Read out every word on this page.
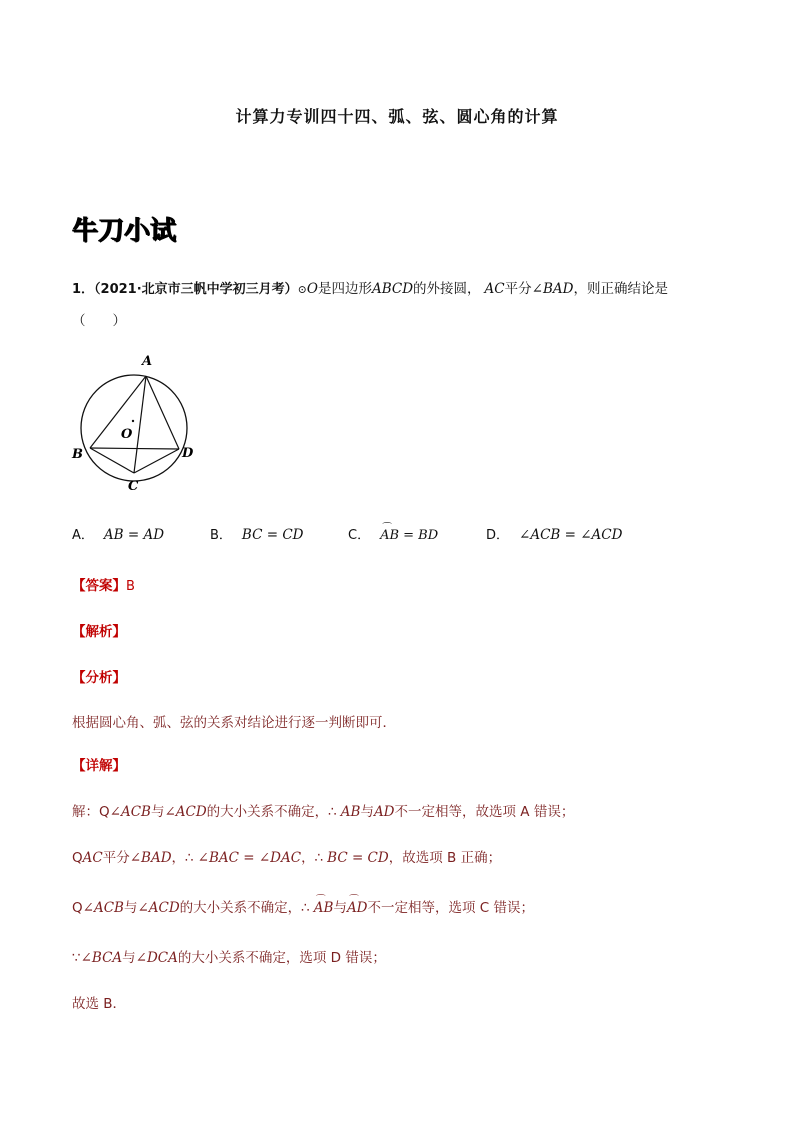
计算力专训四十四、弧、弦、圆心角的计算
牛刀小试
1．（2021·北京市三帆中学初三月考）⊙O是四边形ABCD的外接圆， AC平分∠BAD，则正确结论是
（　　）
A
B
C
D
O
A． AB = AD	B． BC = CD	C． ⌒ AB = BD	D． ∠ACB = ∠ACD
【答案】B
【解析】
【分析】
根据圆心角、弧、弦的关系对结论进行逐一判断即可．
【详解】
解：Q∠ACB与∠ACD的大小关系不确定，∴ AB与AD不一定相等，故选项 A 错误；
QAC平分∠BAD，∴ ∠BAC = ∠DAC，∴ BC = CD，故选项 B 正确；
Q∠ACB与∠ACD的大小关系不确定，∴ ⌒ AB与⌒ AD不一定相等，选项 C 错误；
∵∠BCA与∠DCA的大小关系不确定，选项 D 错误；
故选 B．
